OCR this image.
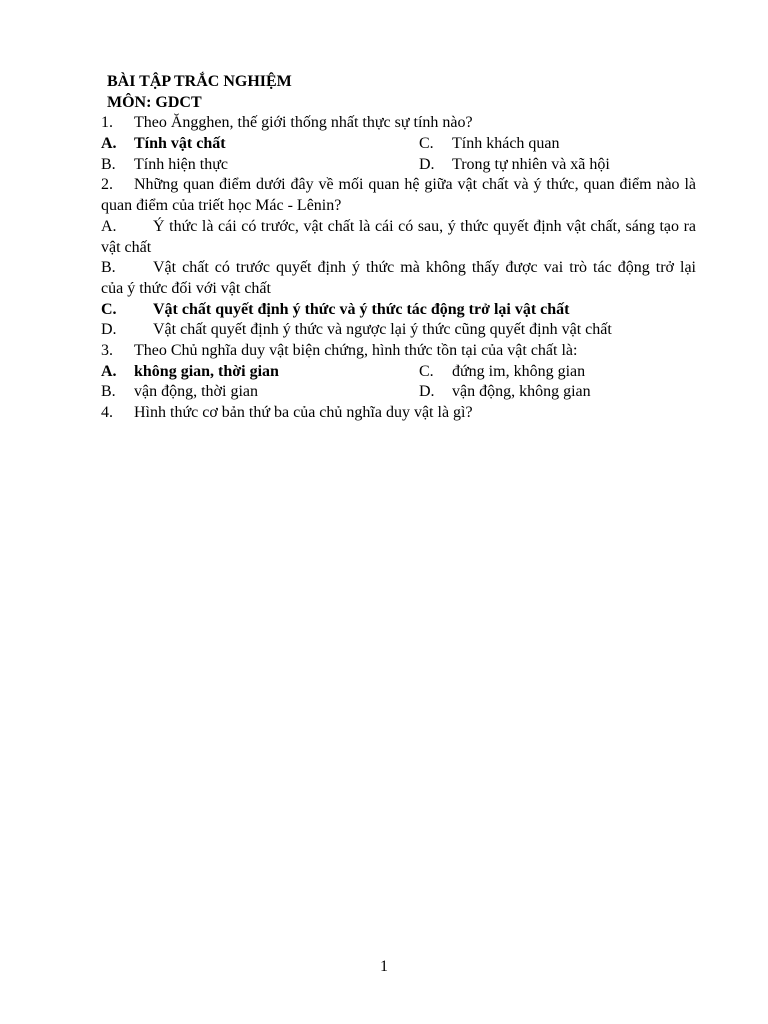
BÀI TẬP TRẮC NGHIỆM
MÔN: GDCT
1. Theo Ăngghen, thế giới thống nhất thực sự tính nào?
A. Tính vật chất	C. Tính khách quan
B. Tính hiện thực	D. Trong tự nhiên và xã hội
2. Những quan điểm dưới đây về mối quan hệ giữa vật chất và ý thức, quan điểm nào là
quan điểm của triết học Mác - Lênin?
A. Ý thức là cái có trước, vật chất là cái có sau, ý thức quyết định vật chất, sáng tạo ra
vật chất
B. Vật chất có trước quyết định ý thức mà không thấy được vai trò tác động trở lại
của ý thức đối với vật chất
C. Vật chất quyết định ý thức và ý thức tác động trở lại vật chất
D. Vật chất quyết định ý thức và ngược lại ý thức cũng quyết định vật chất
3. Theo Chủ nghĩa duy vật biện chứng, hình thức tồn tại của vật chất là:
A. không gian, thời gian	C. đứng im, không gian
B. vận động, thời gian	D. vận động, không gian
4. Hình thức cơ bản thứ ba của chủ nghĩa duy vật là gì?
1
